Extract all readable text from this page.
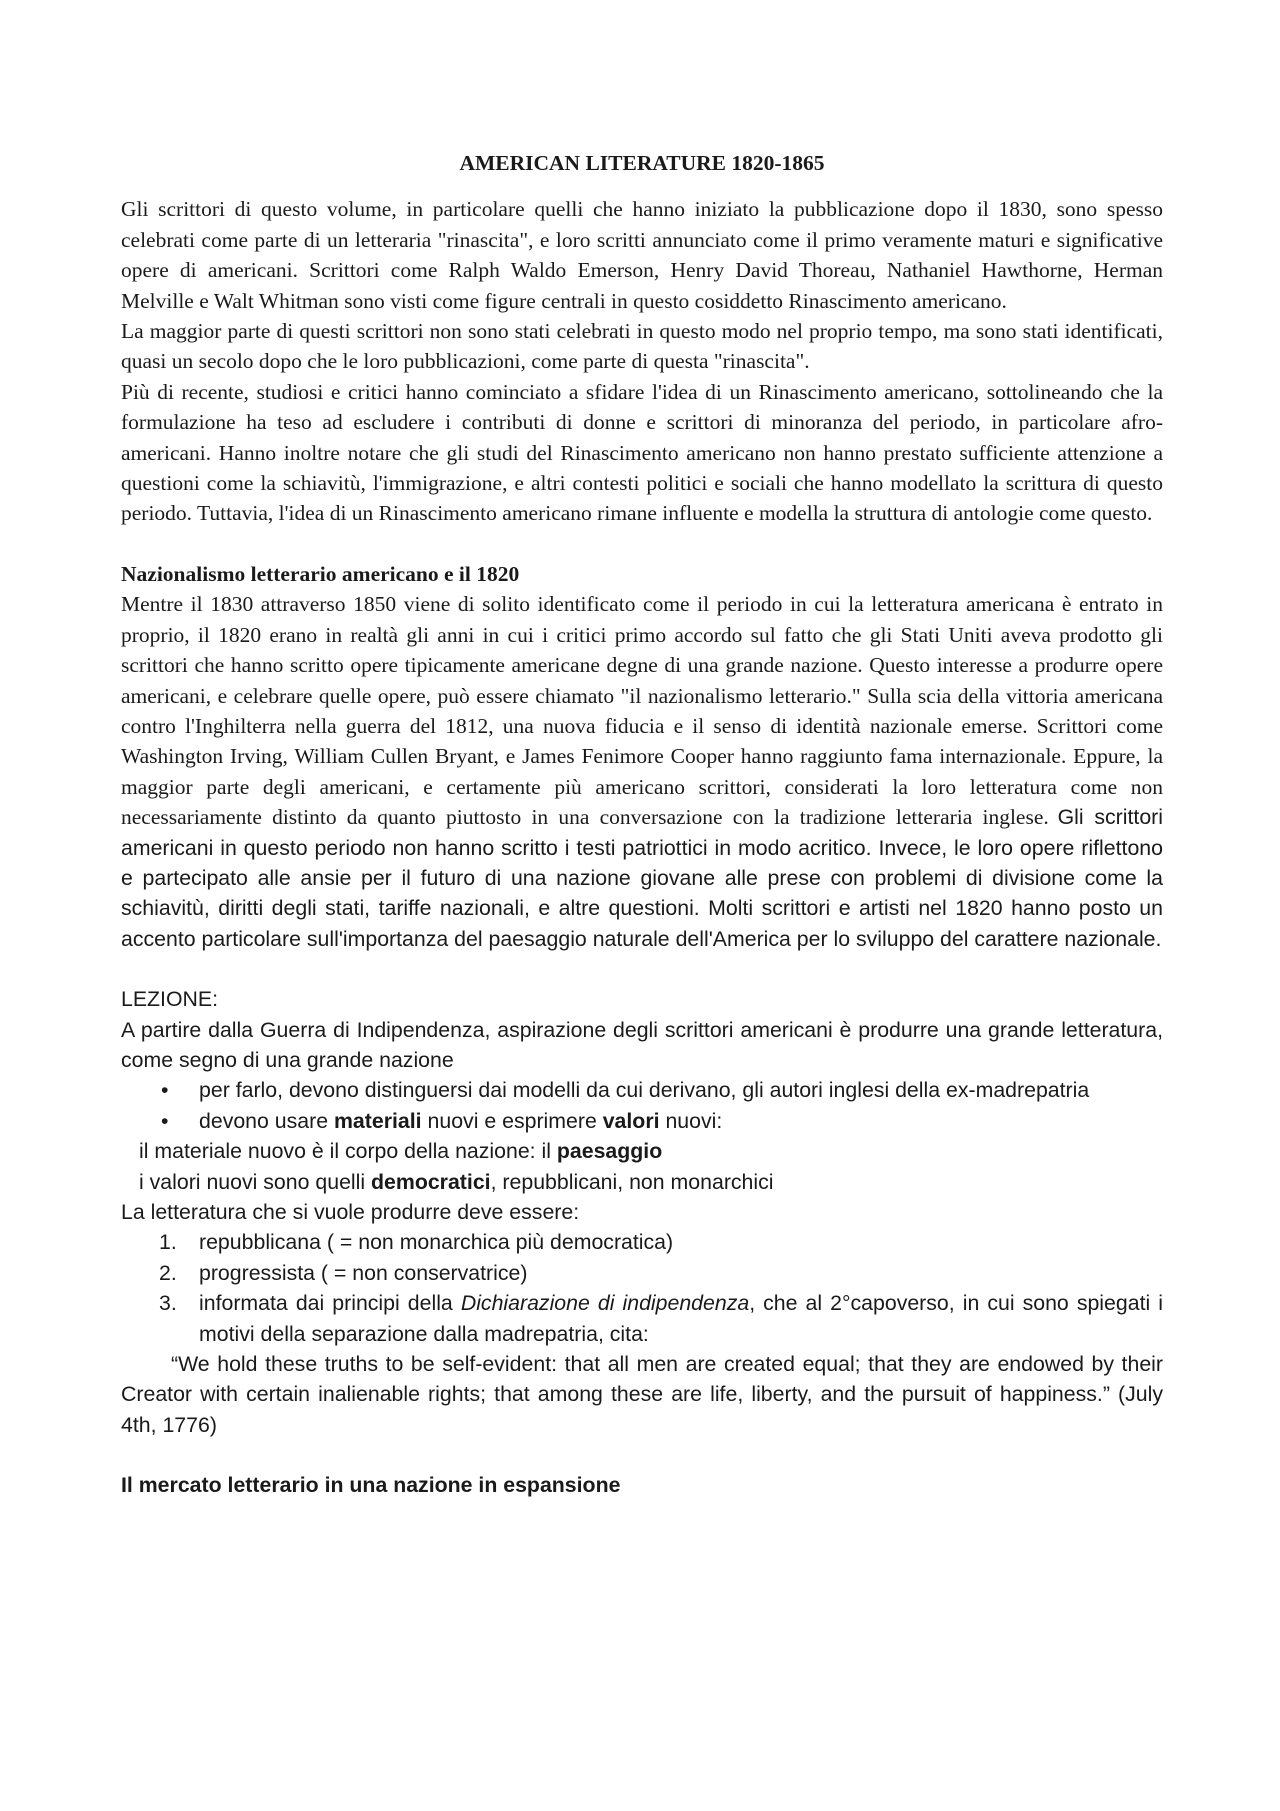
AMERICAN LITERATURE 1820-1865

Gli scrittori di questo volume, in particolare quelli che hanno iniziato la pubblicazione dopo il 1830, sono spesso celebrati come parte di un letteraria "rinascita", e loro scritti annunciato come il primo veramente maturi e significative opere di americani. Scrittori come Ralph Waldo Emerson, Henry David Thoreau, Nathaniel Hawthorne, Herman Melville e Walt Whitman sono visti come figure centrali in questo cosiddetto Rinascimento americano.

La maggior parte di questi scrittori non sono stati celebrati in questo modo nel proprio tempo, ma sono stati identificati, quasi un secolo dopo che le loro pubblicazioni, come parte di questa "rinascita".

Più di recente, studiosi e critici hanno cominciato a sfidare l'idea di un Rinascimento americano, sottolineando che la formulazione ha teso ad escludere i contributi di donne e scrittori di minoranza del periodo, in particolare afro-americani. Hanno inoltre notare che gli studi del Rinascimento americano non hanno prestato sufficiente attenzione a questioni come la schiavitù, l'immigrazione, e altri contesti politici e sociali che hanno modellato la scrittura di questo periodo. Tuttavia, l'idea di un Rinascimento americano rimane influente e modella la struttura di antologie come questo.

Nazionalismo letterario americano e il 1820

Mentre il 1830 attraverso 1850 viene di solito identificato come il periodo in cui la letteratura americana è entrato in proprio, il 1820 erano in realtà gli anni in cui i critici primo accordo sul fatto che gli Stati Uniti aveva prodotto gli scrittori che hanno scritto opere tipicamente americane degne di una grande nazione. Questo interesse a produrre opere americani, e celebrare quelle opere, può essere chiamato "il nazionalismo letterario." Sulla scia della vittoria americana contro l'Inghilterra nella guerra del 1812, una nuova fiducia e il senso di identità nazionale emerse. Scrittori come Washington Irving, William Cullen Bryant, e James Fenimore Cooper hanno raggiunto fama internazionale. Eppure, la maggior parte degli americani, e certamente più americano scrittori, considerati la loro letteratura come non necessariamente distinto da quanto piuttosto in una conversazione con la tradizione letteraria inglese. Gli scrittori americani in questo periodo non hanno scritto i testi patriottici in modo acritico. Invece, le loro opere riflettono e partecipato alle ansie per il futuro di una nazione giovane alle prese con problemi di divisione come la schiavitù, diritti degli stati, tariffe nazionali, e altre questioni. Molti scrittori e artisti nel 1820 hanno posto un accento particolare sull'importanza del paesaggio naturale dell'America per lo sviluppo del carattere nazionale.

LEZIONE:

A partire dalla Guerra di Indipendenza, aspirazione degli scrittori americani è produrre una grande letteratura, come segno di una grande nazione

• per farlo, devono distinguersi dai modelli da cui derivano, gli autori inglesi della ex-madrepatria
• devono usare materiali nuovi e esprimere valori nuovi:

il materiale nuovo è il corpo della nazione: il paesaggio

i valori nuovi sono quelli democratici, repubblicani, non monarchici

La letteratura che si vuole produrre deve essere:

1. repubblicana ( = non monarchica più democratica)
2. progressista ( = non conservatrice)
3. informata dai principi della Dichiarazione di indipendenza, che al 2°capoverso, in cui sono spiegati i motivi della separazione dalla madrepatria, cita:

“We hold these truths to be self-evident: that all men are created equal; that they are endowed by their Creator with certain inalienable rights; that among these are life, liberty, and the pursuit of happiness.” (July 4th, 1776)

Il mercato letterario in una nazione in espansione
